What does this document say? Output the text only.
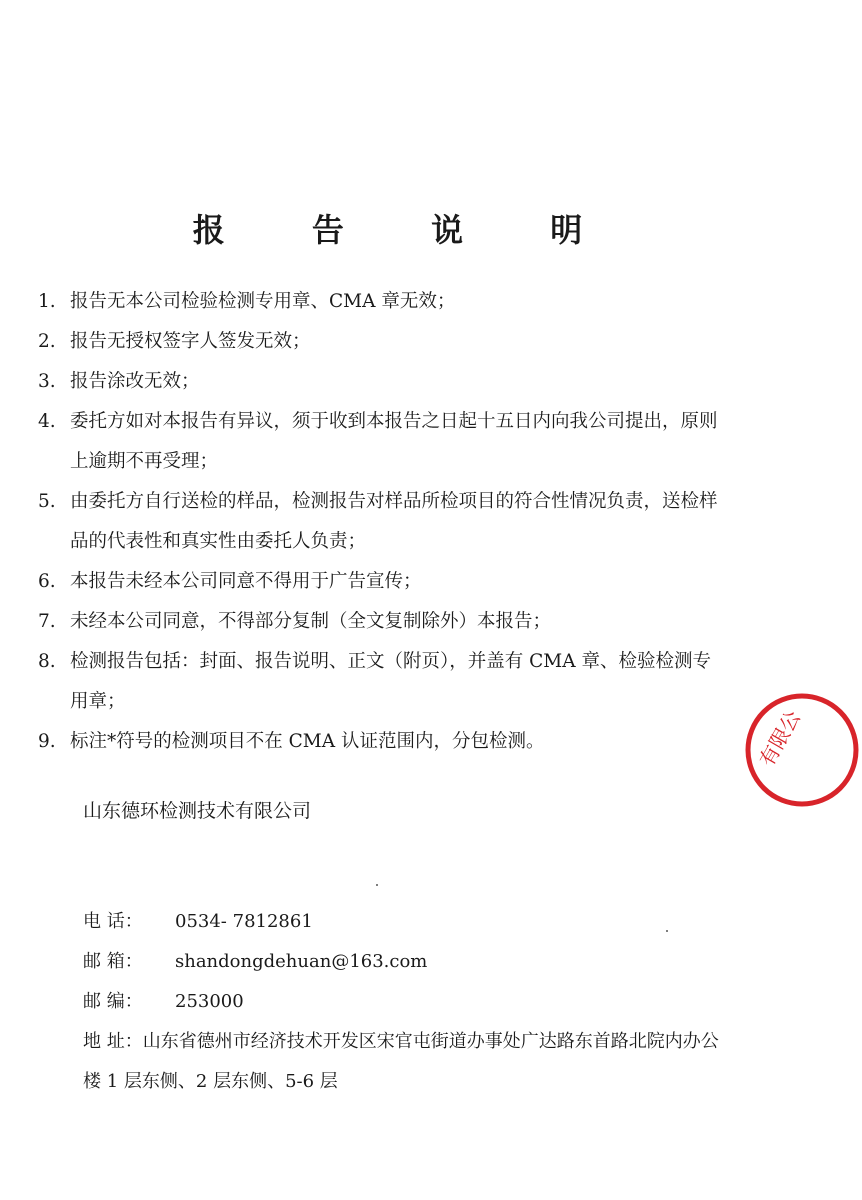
报 告 说 明
1. 报告无本公司检验检测专用章、CMA 章无效；
2. 报告无授权签字人签发无效；
3. 报告涂改无效；
4. 委托方如对本报告有异议，须于收到本报告之日起十五日内向我公司提出，原则上逾期不再受理；
5. 由委托方自行送检的样品，检测报告对样品所检项目的符合性情况负责，送检样品的代表性和真实性由委托人负责；
6. 本报告未经本公司同意不得用于广告宣传；
7. 未经本公司同意，不得部分复制（全文复制除外）本报告；
8. 检测报告包括：封面、报告说明、正文（附页），并盖有 CMA 章、检验检测专用章；
9. 标注*符号的检测项目不在 CMA 认证范围内，分包检测。
山东德环检测技术有限公司
电 话： 0534- 7812861
邮 箱： shandongdehuan@163.com
邮 编： 253000
地 址：山东省德州市经济技术开发区宋官屯街道办事处广达路东首路北院内办公楼 1 层东侧、2 层东侧、5-6 层
有限公
